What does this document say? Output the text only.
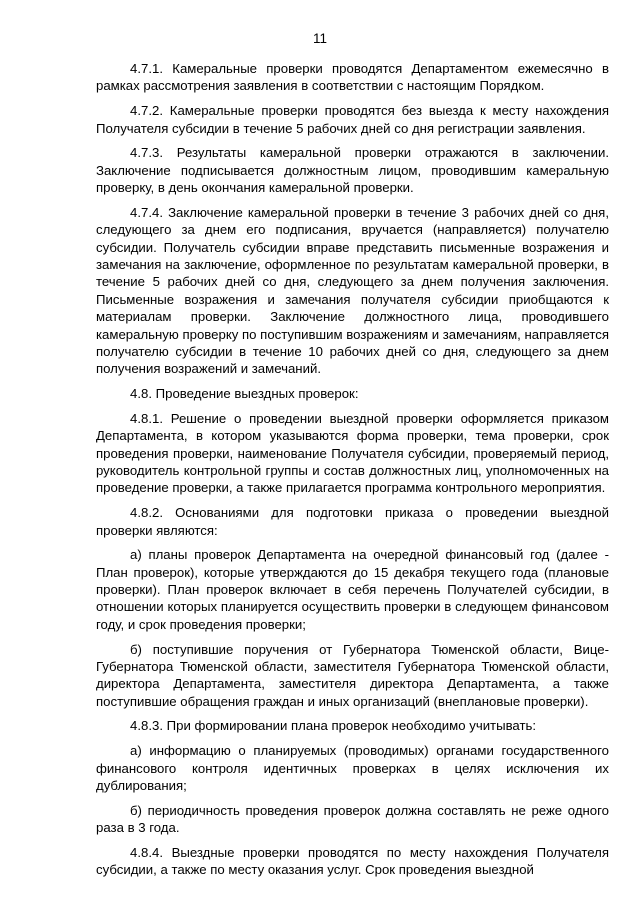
11

4.7.1. Камеральные проверки проводятся Департаментом ежемесячно в рамках рассмотрения заявления в соответствии с настоящим Порядком.

4.7.2. Камеральные проверки проводятся без выезда к месту нахождения Получателя субсидии в течение 5 рабочих дней со дня регистрации заявления.

4.7.3. Результаты камеральной проверки отражаются в заключении. Заключение подписывается должностным лицом, проводившим камеральную проверку, в день окончания камеральной проверки.

4.7.4. Заключение камеральной проверки в течение 3 рабочих дней со дня, следующего за днем его подписания, вручается (направляется) получателю субсидии. Получатель субсидии вправе представить письменные возражения и замечания на заключение, оформленное по результатам камеральной проверки, в течение 5 рабочих дней со дня, следующего за днем получения заключения. Письменные возражения и замечания получателя субсидии приобщаются к материалам проверки. Заключение должностного лица, проводившего камеральную проверку по поступившим возражениям и замечаниям, направляется получателю субсидии в течение 10 рабочих дней со дня, следующего за днем получения возражений и замечаний.

4.8. Проведение выездных проверок:

4.8.1. Решение о проведении выездной проверки оформляется приказом Департамента, в котором указываются форма проверки, тема проверки, срок проведения проверки, наименование Получателя субсидии, проверяемый период, руководитель контрольной группы и состав должностных лиц, уполномоченных на проведение проверки, а также прилагается программа контрольного мероприятия.

4.8.2. Основаниями для подготовки приказа о проведении выездной проверки являются:

а) планы проверок Департамента на очередной финансовый год (далее - План проверок), которые утверждаются до 15 декабря текущего года (плановые проверки). План проверок включает в себя перечень Получателей субсидии, в отношении которых планируется осуществить проверки в следующем финансовом году, и срок проведения проверки;

б) поступившие поручения от Губернатора Тюменской области, Вице-Губернатора Тюменской области, заместителя Губернатора Тюменской области, директора Департамента, заместителя директора Департамента, а также поступившие обращения граждан и иных организаций (внеплановые проверки).

4.8.3. При формировании плана проверок необходимо учитывать:

а) информацию о планируемых (проводимых) органами государственного финансового контроля идентичных проверках в целях исключения их дублирования;

б) периодичность проведения проверок должна составлять не реже одного раза в 3 года.

4.8.4. Выездные проверки проводятся по месту нахождения Получателя субсидии, а также по месту оказания услуг. Срок проведения выездной
